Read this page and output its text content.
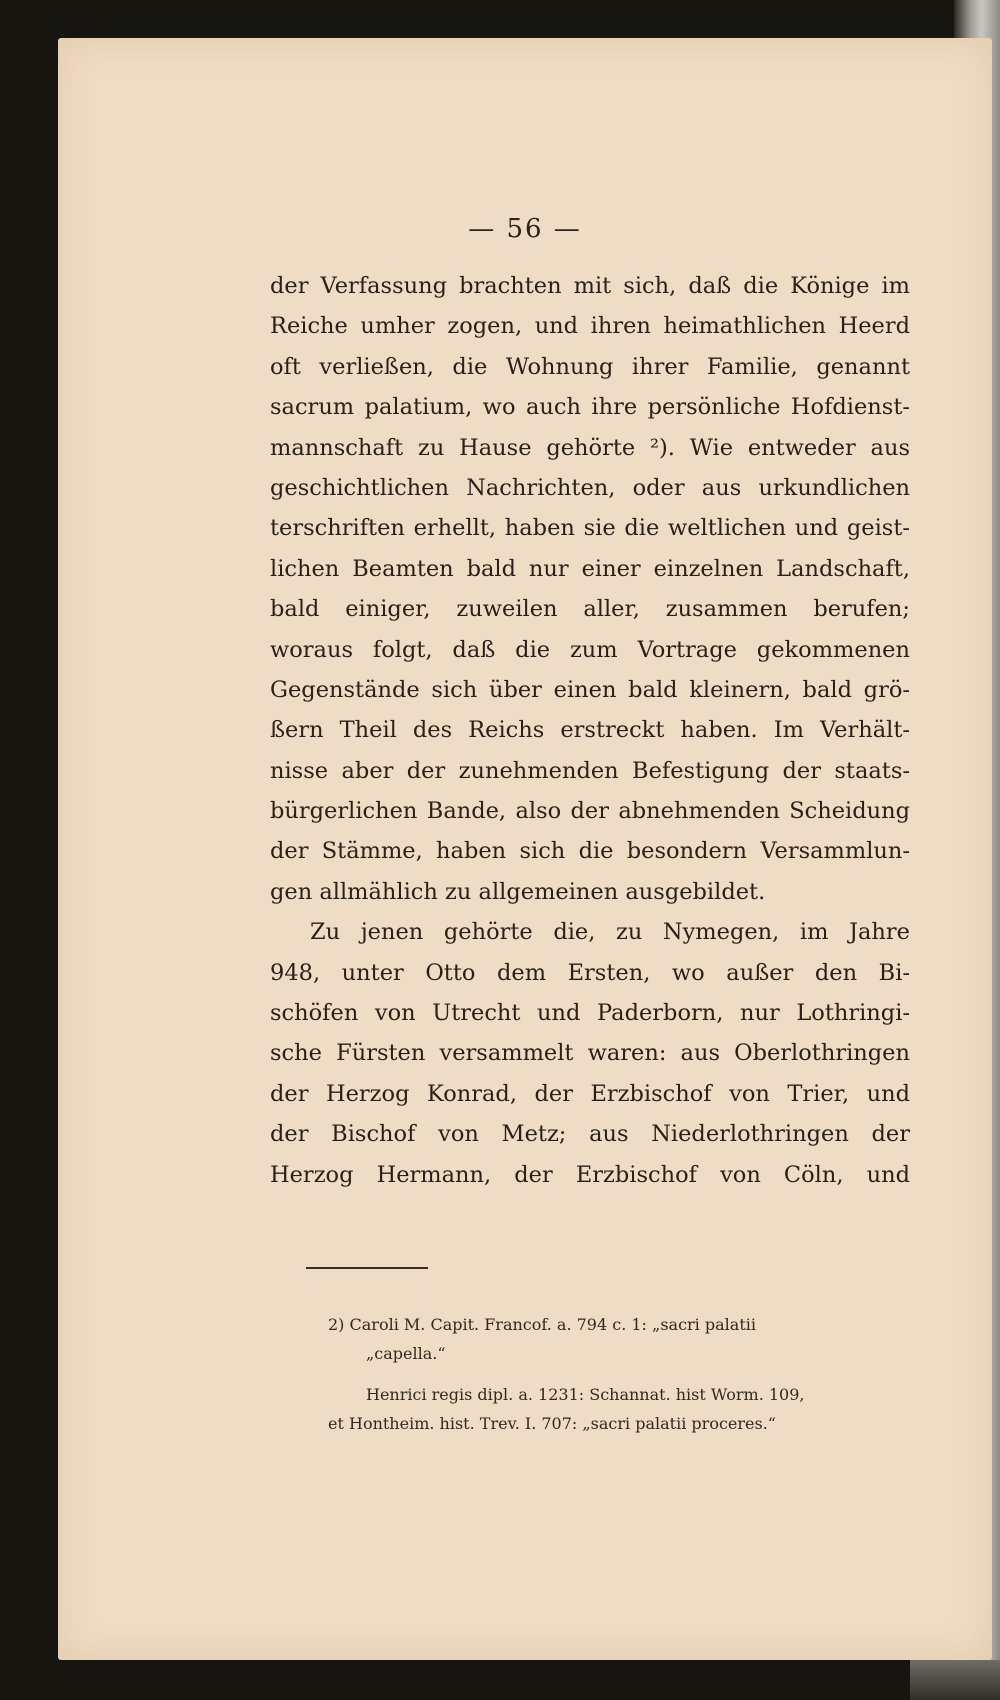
— 56 —
der Verfassung brachten mit sich, daß die Könige im
Reiche umher zogen, und ihren heimathlichen Heerd
oft verließen, die Wohnung ihrer Familie, genannt
sacrum palatium, wo auch ihre persönliche Hofdienst-
mannschaft zu Hause gehörte ²). Wie entweder aus
geschichtlichen Nachrichten, oder aus urkundlichen
terschriften erhellt, haben sie die weltlichen und geist-
lichen Beamten bald nur einer einzelnen Landschaft,
bald einiger, zuweilen aller, zusammen berufen;
woraus folgt, daß die zum Vortrage gekommenen
Gegenstände sich über einen bald kleinern, bald grö-
ßern Theil des Reichs erstreckt haben. Im Verhält-
nisse aber der zunehmenden Befestigung der staats-
bürgerlichen Bande, also der abnehmenden Scheidung
der Stämme, haben sich die besondern Versammlun-
gen allmählich zu allgemeinen ausgebildet.
Zu jenen gehörte die, zu Nymegen, im Jahre
948, unter Otto dem Ersten, wo außer den Bi-
schöfen von Utrecht und Paderborn, nur Lothringi-
sche Fürsten versammelt waren: aus Oberlothringen
der Herzog Konrad, der Erzbischof von Trier, und
der Bischof von Metz; aus Niederlothringen der
Herzog Hermann, der Erzbischof von Cöln, und
2) Caroli M. Capit. Francof. a. 794 c. 1: „sacri palatii
„capella.“
Henrici regis dipl. a. 1231: Schannat. hist Worm. 109,
et Hontheim. hist. Trev. I. 707: „sacri palatii proceres.“
